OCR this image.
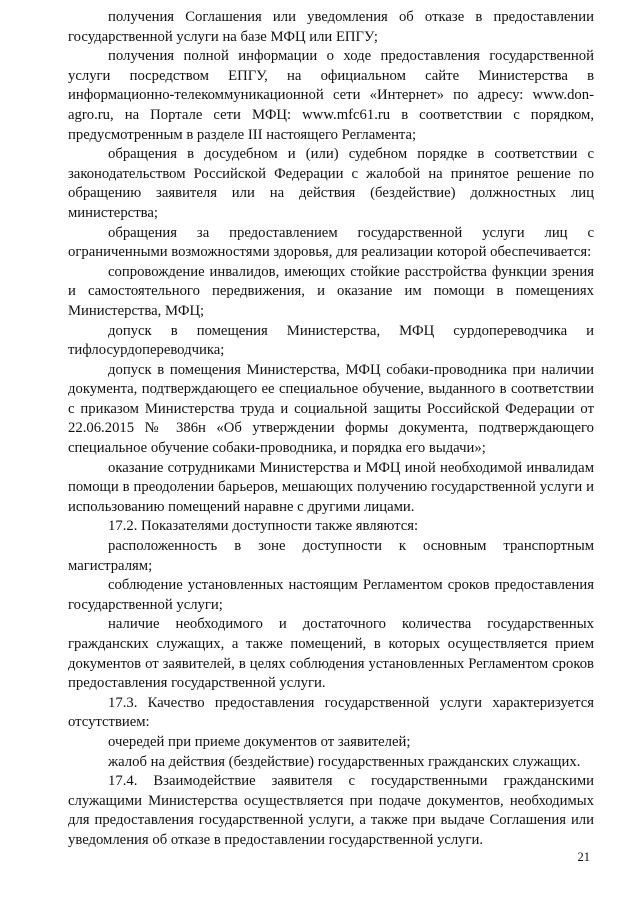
получения Соглашения или уведомления об отказе в предоставлении государственной услуги на базе МФЦ или ЕПГУ;

получения полной информации о ходе предоставления государственной услуги посредством ЕПГУ, на официальном сайте Министерства в информационно-телекоммуникационной сети «Интернет» по адресу: www.don-agro.ru, на Портале сети МФЦ: www.mfc61.ru в соответствии с порядком, предусмотренным в разделе III настоящего Регламента;

обращения в досудебном и (или) судебном порядке в соответствии с законодательством Российской Федерации с жалобой на принятое решение по обращению заявителя или на действия (бездействие) должностных лиц министерства;

обращения за предоставлением государственной услуги лиц с ограниченными возможностями здоровья, для реализации которой обеспечивается:

сопровождение инвалидов, имеющих стойкие расстройства функции зрения и самостоятельного передвижения, и оказание им помощи в помещениях Министерства, МФЦ;

допуск в помещения Министерства, МФЦ сурдопереводчика и тифлосурдопереводчика;

допуск в помещения Министерства, МФЦ собаки-проводника при наличии документа, подтверждающего ее специальное обучение, выданного в соответствии с приказом Министерства труда и социальной защиты Российской Федерации от 22.06.2015 № 386н «Об утверждении формы документа, подтверждающего специальное обучение собаки-проводника, и порядка его выдачи»;

оказание сотрудниками Министерства и МФЦ иной необходимой инвалидам помощи в преодолении барьеров, мешающих получению государственной услуги и использованию помещений наравне с другими лицами.

17.2. Показателями доступности также являются:

расположенность в зоне доступности к основным транспортным магистралям;

соблюдение установленных настоящим Регламентом сроков предоставления государственной услуги;

наличие необходимого и достаточного количества государственных гражданских служащих, а также помещений, в которых осуществляется прием документов от заявителей, в целях соблюдения установленных Регламентом сроков предоставления государственной услуги.

17.3. Качество предоставления государственной услуги характеризуется отсутствием:

очередей при приеме документов от заявителей;

жалоб на действия (бездействие) государственных гражданских служащих.

17.4. Взаимодействие заявителя с государственными гражданскими служащими Министерства осуществляется при подаче документов, необходимых для предоставления государственной услуги, а также при выдаче Соглашения или уведомления об отказе в предоставлении государственной услуги.

21
